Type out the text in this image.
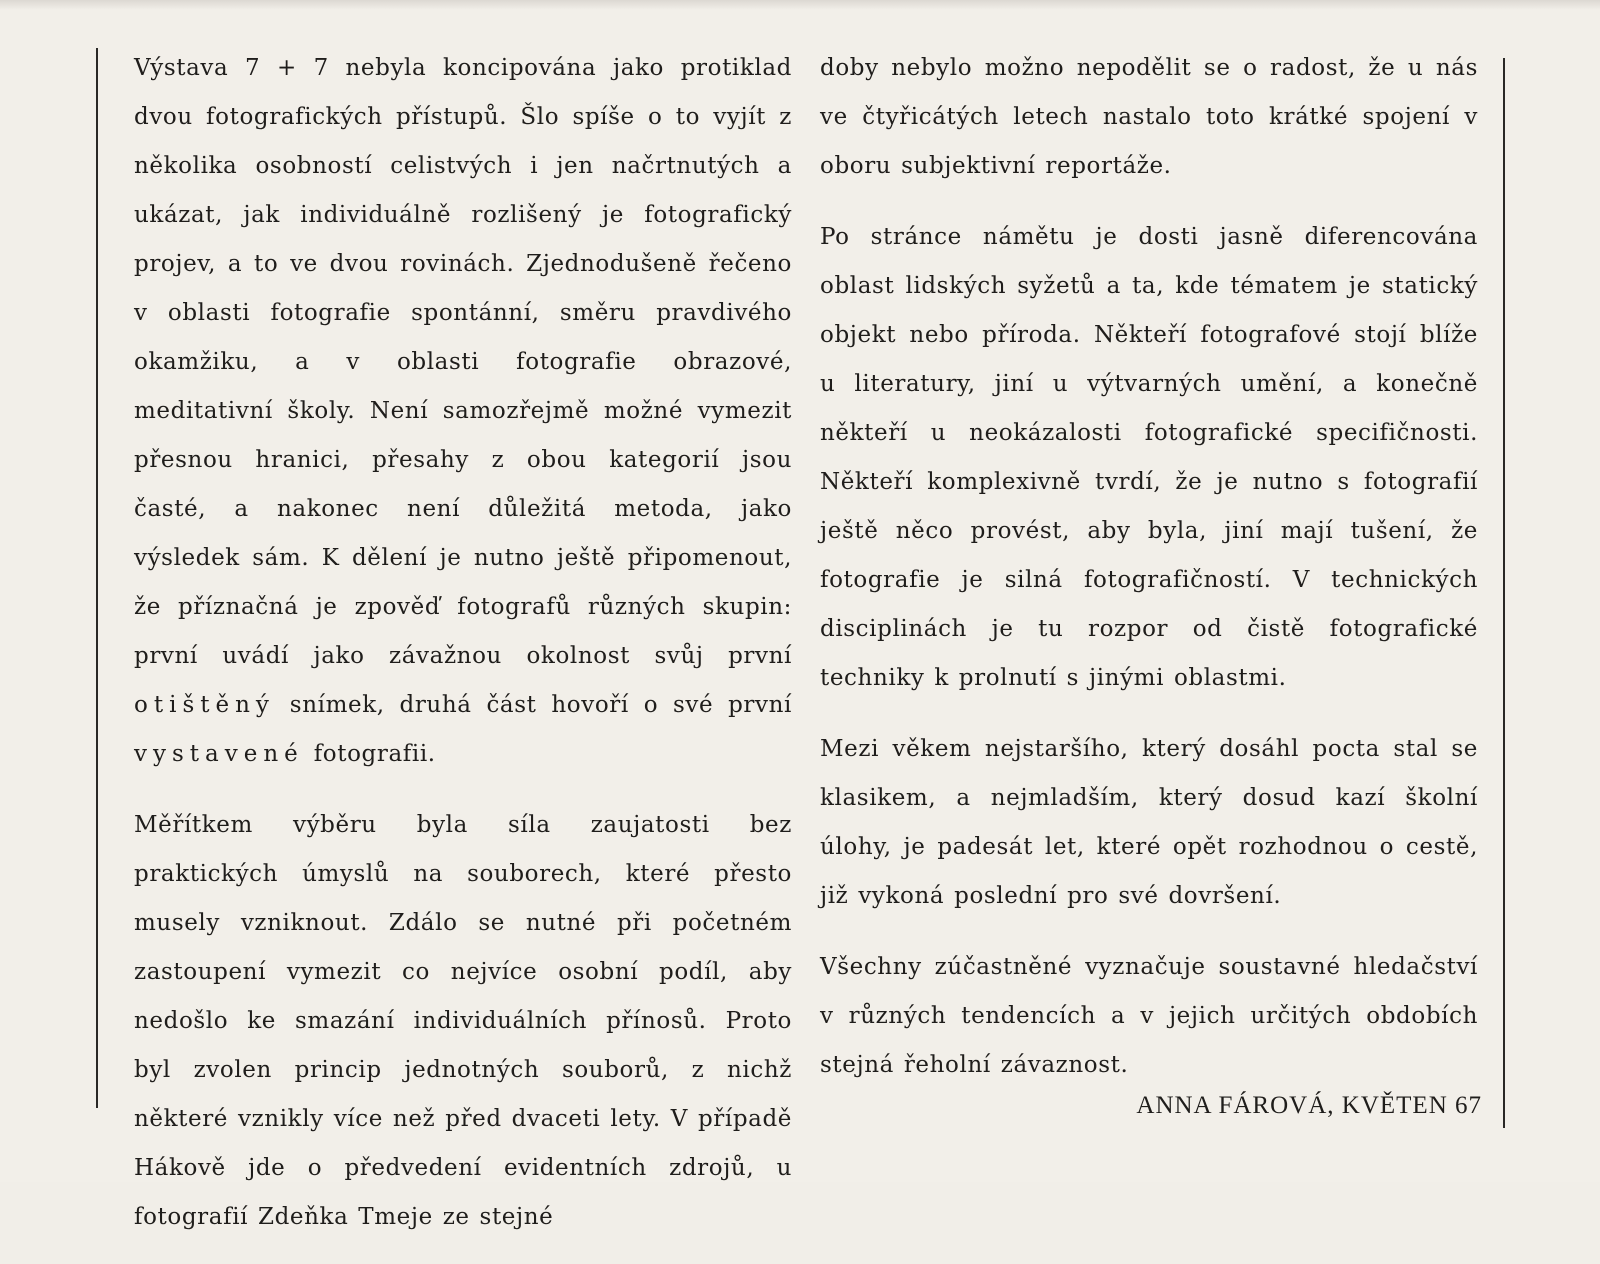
Výstava 7 + 7 nebyla koncipována jako protiklad dvou fotografických přístupů. Šlo spíše o to vyjít z několika osobností celistvých i jen načrtnutých a ukázat, jak individuálně rozlišený je fotografický projev, a to ve dvou rovinách. Zjednodušeně řečeno v oblasti fotografie spontánní, směru pravdivého okamžiku, a v oblasti fotografie obrazové, meditativní školy. Není samozřejmě možné vymezit přesnou hranici, přesahy z obou kategorií jsou časté, a nakonec není důležitá metoda, jako výsledek sám. K dělení je nutno ještě připomenout, že příznačná je zpověď fotografů různých skupin: první uvádí jako závažnou okolnost svůj první otištěný snímek, druhá část hovoří o své první vystavené fotografii.

Měřítkem výběru byla síla zaujatosti bez praktických úmyslů na souborech, které přesto musely vzniknout. Zdálo se nutné při početném zastoupení vymezit co nejvíce osobní podíl, aby nedošlo ke smazání individuálních přínosů. Proto byl zvolen princip jednotných souborů, z nichž některé vznikly více než před dvaceti lety. V případě Hákově jde o předvedení evidentních zdrojů, u fotografií Zdeňka Tmeje ze stejné

doby nebylo možno nepodělit se o radost, že u nás ve čtyřicátých letech nastalo toto krátké spojení v oboru subjektivní reportáže.

Po stránce námětu je dosti jasně diferencována oblast lidských syžetů a ta, kde tématem je statický objekt nebo příroda. Někteří fotografové stojí blíže u literatury, jiní u výtvarných umění, a konečně někteří u neokázalosti fotografické specifičnosti. Někteří komplexivně tvrdí, že je nutno s fotografií ještě něco provést, aby byla, jiní mají tušení, že fotografie je silná fotografičností. V technických disciplinách je tu rozpor od čistě fotografické techniky k prolnutí s jinými oblastmi.

Mezi věkem nejstaršího, který dosáhl pocta stal se klasikem, a nejmladším, který dosud kazí školní úlohy, je padesát let, které opět rozhodnou o cestě, již vykoná poslední pro své dovršení.

Všechny zúčastněné vyznačuje soustavné hledačství v různých tendencích a v jejich určitých obdobích stejná řeholní závaznost.

ANNA FÁROVÁ, KVĚTEN 67
